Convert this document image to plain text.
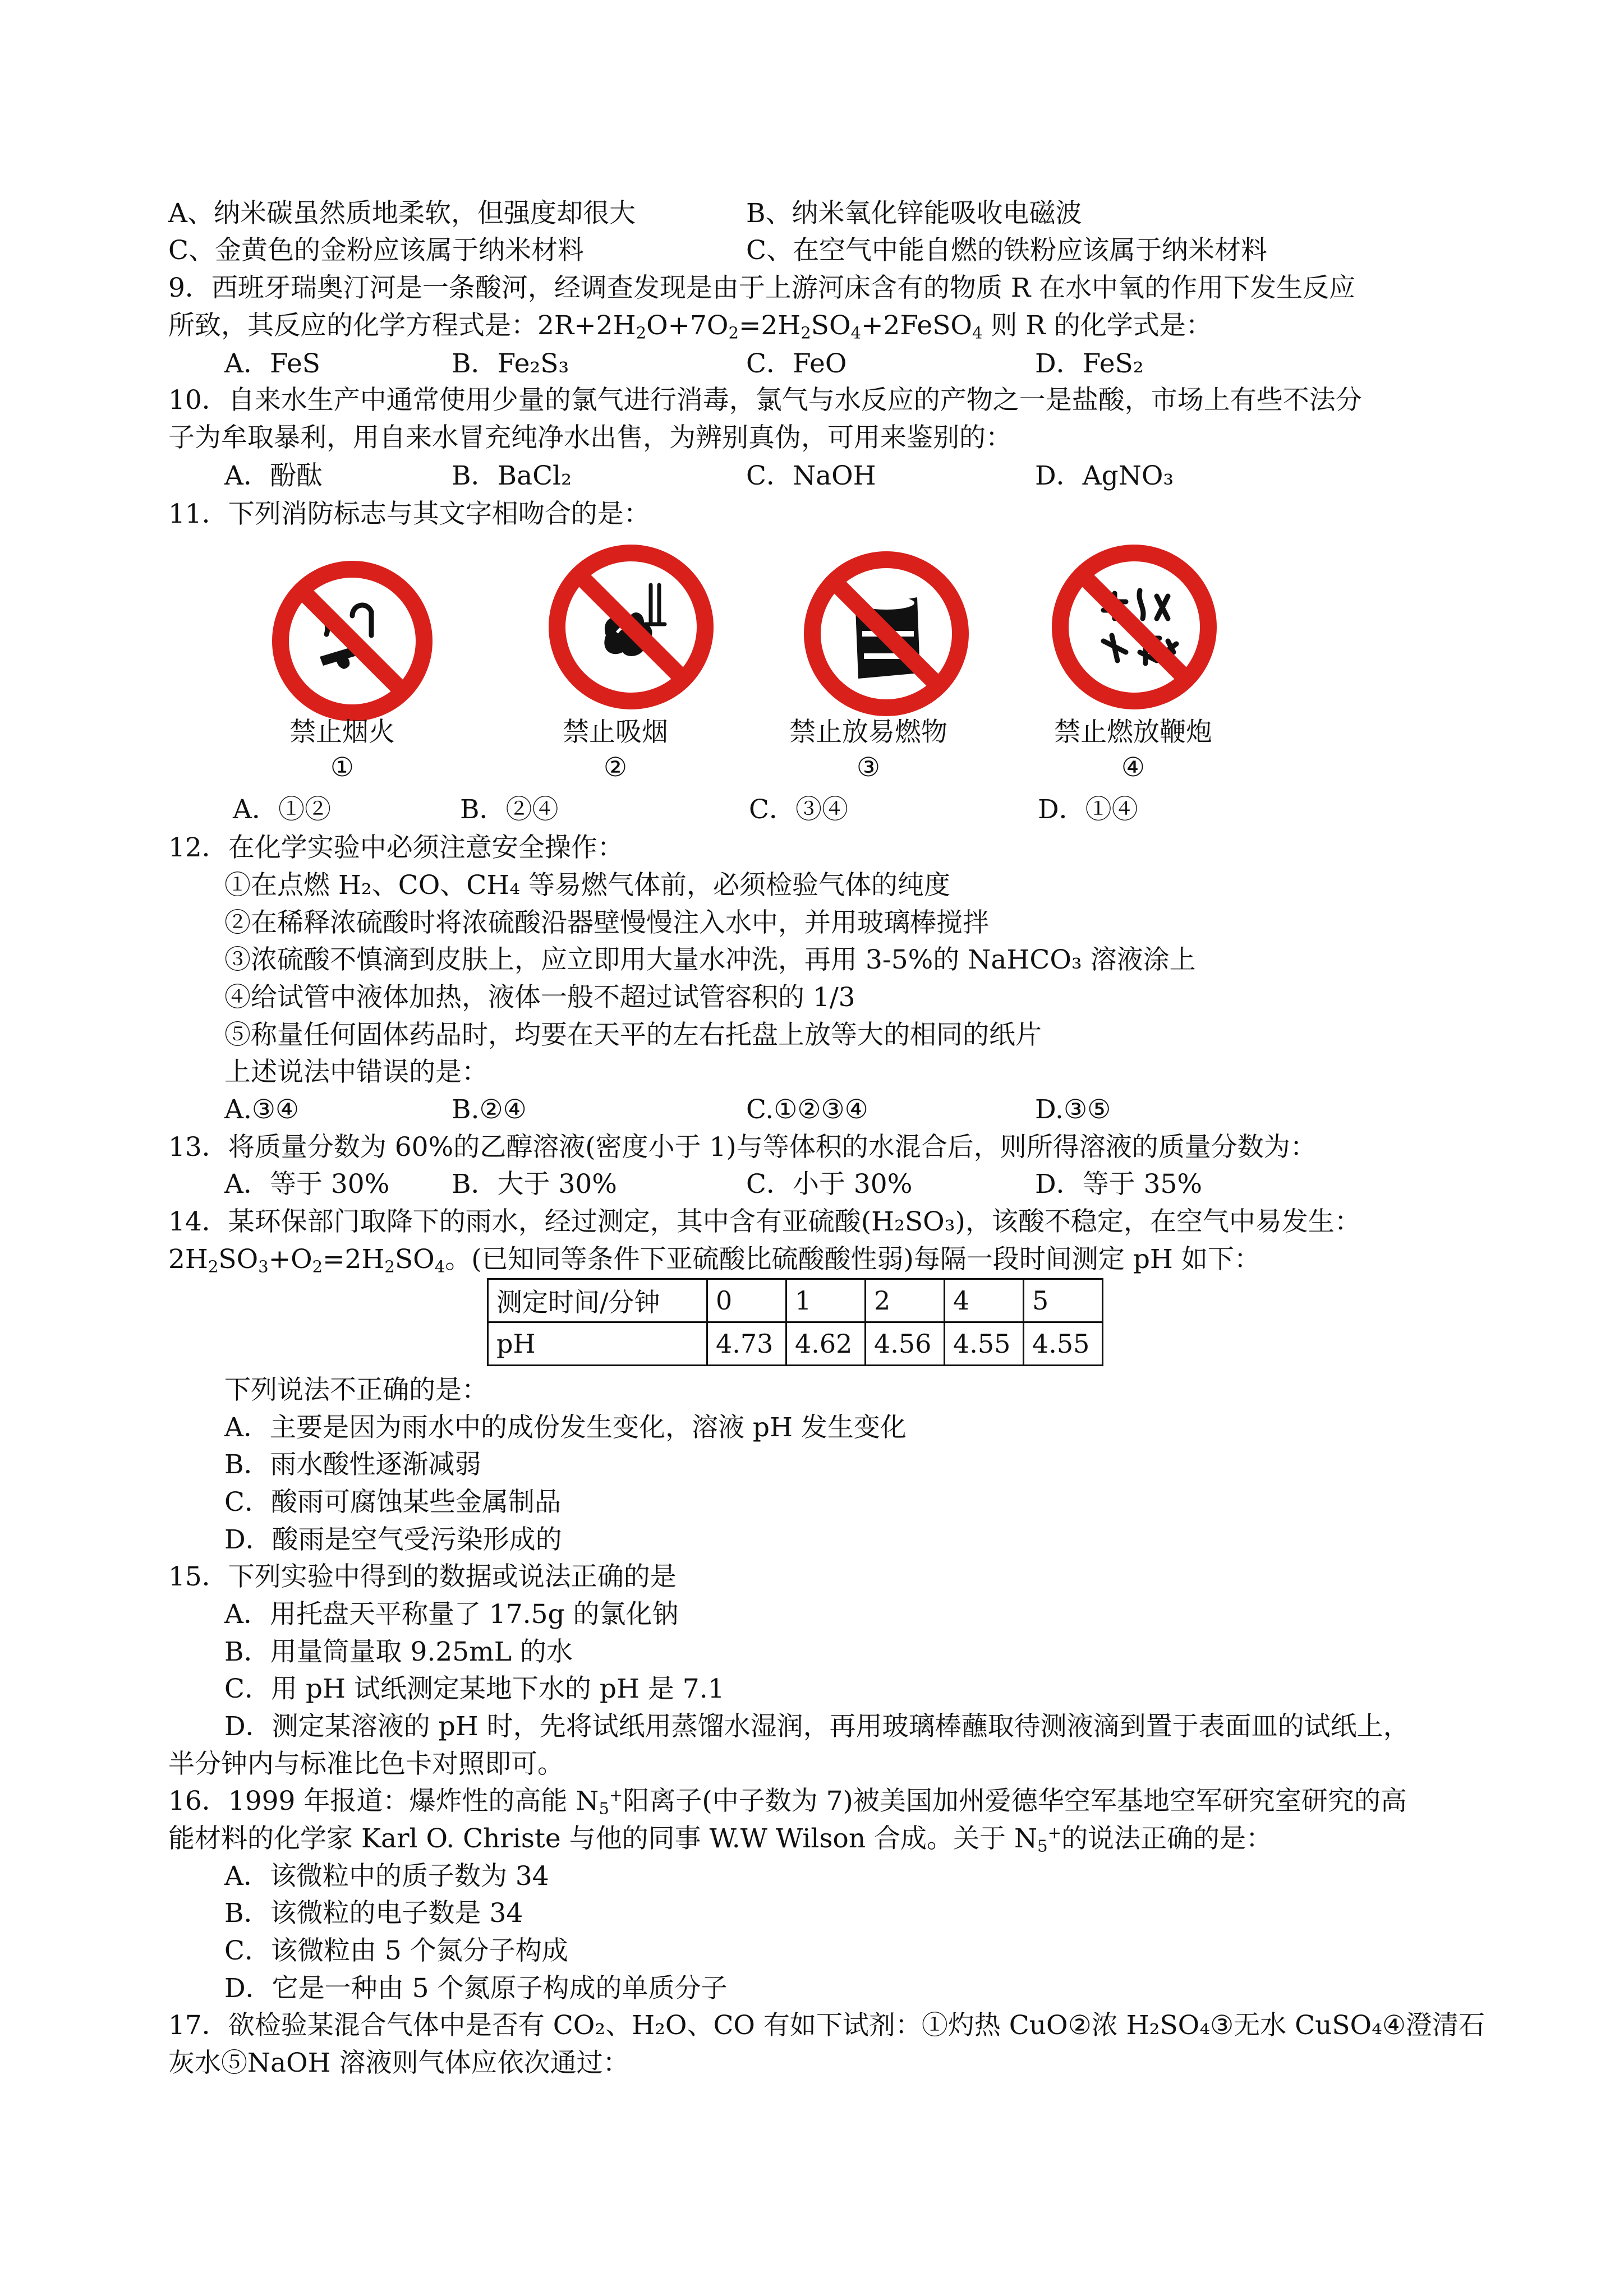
A、纳米碳虽然质地柔软，但强度却很大	B、纳米氧化锌能吸收电磁波
C、金黄色的金粉应该属于纳米材料	C、在空气中能自燃的铁粉应该属于纳米材料
9．西班牙瑞奥汀河是一条酸河，经调查发现是由于上游河床含有的物质 R 在水中氧的作用下发生反应
所致，其反应的化学方程式是：$2R+2H_2O+7O_2=2H_2SO_4+2FeSO_4$ 则 R 的化学式是：
A．FeS	B．Fe₂S₃	C．FeO	D．FeS₂
10．自来水生产中通常使用少量的氯气进行消毒，氯气与水反应的产物之一是盐酸，市场上有些不法分
子为牟取暴利，用自来水冒充纯净水出售，为辨别真伪，可用来鉴别的：
A．酚酞	B．BaCl₂	C．NaOH	D．AgNO₃
11．下列消防标志与其文字相吻合的是：
禁止烟火
①
禁止吸烟
②
禁止放易燃物
③
禁止燃放鞭炮
④
A．①②	B．②④	C．③④	D．①④
12．在化学实验中必须注意安全操作：
①在点燃 H₂、CO、CH₄ 等易燃气体前，必须检验气体的纯度
②在稀释浓硫酸时将浓硫酸沿器壁慢慢注入水中，并用玻璃棒搅拌
③浓硫酸不慎滴到皮肤上，应立即用大量水冲洗，再用 3-5%的 NaHCO₃ 溶液涂上
④给试管中液体加热，液体一般不超过试管容积的 1/3
⑤称量任何固体药品时，均要在天平的左右托盘上放等大的相同的纸片
上述说法中错误的是：
A.③④	B.②④	C.①②③④	D.③⑤
13．将质量分数为 60%的乙醇溶液(密度小于 1)与等体积的水混合后，则所得溶液的质量分数为：
A．等于 30% B．大于 30%	C．小于 30%	D．等于 35%
14．某环保部门取降下的雨水，经过测定，其中含有亚硫酸(H₂SO₃)，该酸不稳定，在空气中易发生：
$2H_2SO_3+O_2=2H_2SO_4$。(已知同等条件下亚硫酸比硫酸酸性弱)每隔一段时间测定 pH 如下：
测定时间/分钟	0	1	2	4	5
pH	4.73	4.62	4.56	4.55	4.55
下列说法不正确的是：
A．主要是因为雨水中的成份发生变化，溶液 pH 发生变化
B．雨水酸性逐渐减弱
C．酸雨可腐蚀某些金属制品
D．酸雨是空气受污染形成的
15．下列实验中得到的数据或说法正确的是
A．用托盘天平称量了 17.5g 的氯化钠
B．用量筒量取 9.25mL 的水
C．用 pH 试纸测定某地下水的 pH 是 7.1
D．测定某溶液的 pH 时，先将试纸用蒸馏水湿润，再用玻璃棒蘸取待测液滴到置于表面皿的试纸上，
半分钟内与标准比色卡对照即可。
16．1999 年报道：爆炸性的高能 $N_5^+$阳离子(中子数为 7)被美国加州爱德华空军基地空军研究室研究的高
能材料的化学家 Karl O. Christe 与他的同事 W.W Wilson 合成。关于 $N_5^+$的说法正确的是：
A．该微粒中的质子数为 34
B．该微粒的电子数是 34
C．该微粒由 5 个氮分子构成
D．它是一种由 5 个氮原子构成的单质分子
17．欲检验某混合气体中是否有 CO₂、H₂O、CO 有如下试剂：①灼热 CuO②浓 H₂SO₄③无水 CuSO₄④澄清石
灰水⑤NaOH 溶液则气体应依次通过：
